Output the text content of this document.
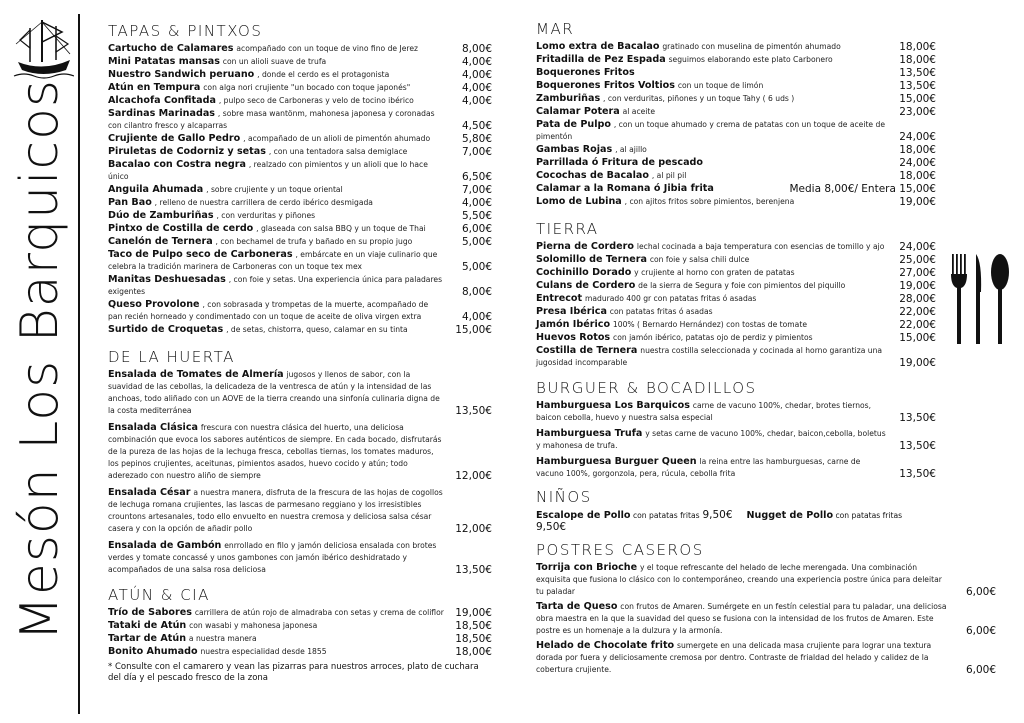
Mesón Los Barquicos
TAPAS & PINTXOS
Cartucho de Calamares acompañado con un toque de vino fino de Jerez	8,00€
Mini Patatas mansas con un alioli suave de trufa	4,00€
Nuestro Sandwich peruano , donde el cerdo es el protagonista	4,00€
Atún en Tempura con alga nori crujiente "un bocado con toque japonés"	4,00€
Alcachofa Confitada , pulpo seco de Carboneras y velo de tocino ibérico	4,00€
Sardinas Marinadas , sobre masa wantönm, mahonesa japonesa y coronadas con cilantro fresco y alcaparras	4,50€
Crujiente de Gallo Pedro , acompañado de un alioli de pimentón ahumado	5,80€
Piruletas de Codorniz y setas , con una tentadora salsa demiglace	7,00€
Bacalao con Costra negra , realzado con pimientos y un alioli que lo hace único	6,50€
Anguila Ahumada , sobre crujiente y un toque oriental	7,00€
Pan Bao , relleno de nuestra carrillera de cerdo ibérico desmigada	4,00€
Dúo de Zamburiñas , con verduritas y piñones	5,50€
Pintxo de Costilla de cerdo , glaseada con salsa BBQ y un toque de Thai	6,00€
Canelón de Ternera , con bechamel de trufa y bañado en su propio jugo	5,00€
Taco de Pulpo seco de Carboneras , embárcate en un viaje culinario que celebra la tradición marinera de Carboneras con un toque tex mex	5,00€
Manitas Deshuesadas , con foie y setas. Una experiencia única para paladares exigentes	8,00€
Queso Provolone , con sobrasada y trompetas de la muerte, acompañado de pan recién horneado y condimentado con un toque de aceite de oliva virgen extra	4,00€
Surtido de Croquetas , de setas, chistorra, queso, calamar en su tinta	15,00€
DE LA HUERTA
Ensalada de Tomates de Almería jugosos y llenos de sabor, con la suavidad de las cebollas, la delicadeza de la ventresca de atún y la intensidad de las anchoas, todo aliñado con un AOVE de la tierra creando una sinfonía culinaria digna de la costa mediterránea	13,50€
Ensalada Clásica frescura con nuestra clásica del huerto, una deliciosa combinación que evoca los sabores auténticos de siempre. En cada bocado, disfrutarás de la pureza de las hojas de la lechuga fresca, cebollas tiernas, los tomates maduros, los pepinos crujientes, aceitunas, pimientos asados, huevo cocido y atún; todo aderezado con nuestro aliño de siempre	12,00€
Ensalada César a nuestra manera, disfruta de la frescura de las hojas de cogollos de lechuga romana crujientes, las lascas de parmesano reggiano y los irresistibles crountons artesanales, todo ello envuelto en nuestra cremosa y deliciosa salsa césar casera y con la opción de añadir pollo	12,00€
Ensalada de Gambón enrrollado en filo y jamón deliciosa ensalada con brotes verdes y tomate concassé y unos gambones con jamón ibérico deshidratado y acompañados de una salsa rosa deliciosa	13,50€
ATÚN & CIA
Trío de Sabores carrillera de atún rojo de almadraba con setas y crema de coliflor 19,00€
Tataki de Atún con wasabi y mahonesa japonesa	18,50€
Tartar de Atún a nuestra manera	18,50€
Bonito Ahumado nuestra especialidad desde 1855	18,00€
* Consulte con el camarero y vean las pizarras para nuestros arroces, plato de cuchara del día y el pescado fresco de la zona
MAR
Lomo extra de Bacalao gratinado con muselina de pimentón ahumado	18,00€
Fritadilla de Pez Espada seguimos elaborando este plato Carbonero	18,00€
Boquerones Fritos	13,50€
Boquerones Fritos Voltios con un toque de limón	13,50€
Zamburiñas , con verduritas, piñones y un toque Tahy ( 6 uds )	15,00€
Calamar Potera al aceite	23,00€
Pata de Pulpo , con un toque ahumado y crema de patatas con un toque de aceite de pimentón	24,00€
Gambas Rojas , al ajillo	18,00€
Parrillada ó Fritura de pescado	24,00€
Cocochas de Bacalao , al pil pil	18,00€
Calamar a la Romana ó Jibia frita	Media 8,00€/ Entera 15,00€
Lomo de Lubina , con ajitos fritos sobre pimientos, berenjena	19,00€
TIERRA
Pierna de Cordero lechal cocinada a baja temperatura con esencias de tomillo y ajo 24,00€
Solomillo de Ternera con foie y salsa chili dulce	25,00€
Cochinillo Dorado y crujiente al horno con graten de patatas	27,00€
Culans de Cordero de la sierra de Segura y foie con pimientos del piquillo	19,00€
Entrecot madurado 400 gr con patatas fritas ó asadas	28,00€
Presa Ibérica con patatas fritas ó asadas	22,00€
Jamón Ibérico 100% ( Bernardo Hernández) con tostas de tomate	22,00€
Huevos Rotos con jamón ibérico, patatas ojo de perdiz y pimientos	15,00€
Costilla de Ternera nuestra costilla seleccionada y cocinada al horno garantiza una jugosidad incomparable	19,00€
BURGUER & BOCADILLOS
Hamburguesa Los Barquicos carne de vacuno 100%, chedar, brotes tiernos, baicon cebolla, huevo y nuestra salsa especial	13,50€
Hamburguesa Trufa y setas carne de vacuno 100%, chedar, baicon,cebolla, boletus y mahonesa de trufa.	13,50€
Hamburguesa Burguer Queen la reina entre las hamburguesas, carne de vacuno 100%, gorgonzola, pera, rúcula, cebolla frita	13,50€
NIÑOS
Escalope de Pollo con patatas fritas 9,50€ Nugget de Pollo con patatas fritas 9,50€
POSTRES CASEROS
Torrija con Brioche y el toque refrescante del helado de leche merengada. Una combinación exquisita que fusiona lo clásico con lo contemporáneo, creando una experiencia postre única para deleitar tu paladar	6,00€
Tarta de Queso con frutos de Amaren. Sumérgete en un festín celestial para tu paladar, una deliciosa obra maestra en la que la suavidad del queso se fusiona con la intensidad de los frutos de Amaren. Este postre es un homenaje a la dulzura y la armonía.	6,00€
Helado de Chocolate frito sumergete en una delicada masa crujiente para lograr una textura dorada por fuera y deliciosamente cremosa por dentro. Contraste de frialdad del helado y calidez de la cobertura crujiente.	6,00€
